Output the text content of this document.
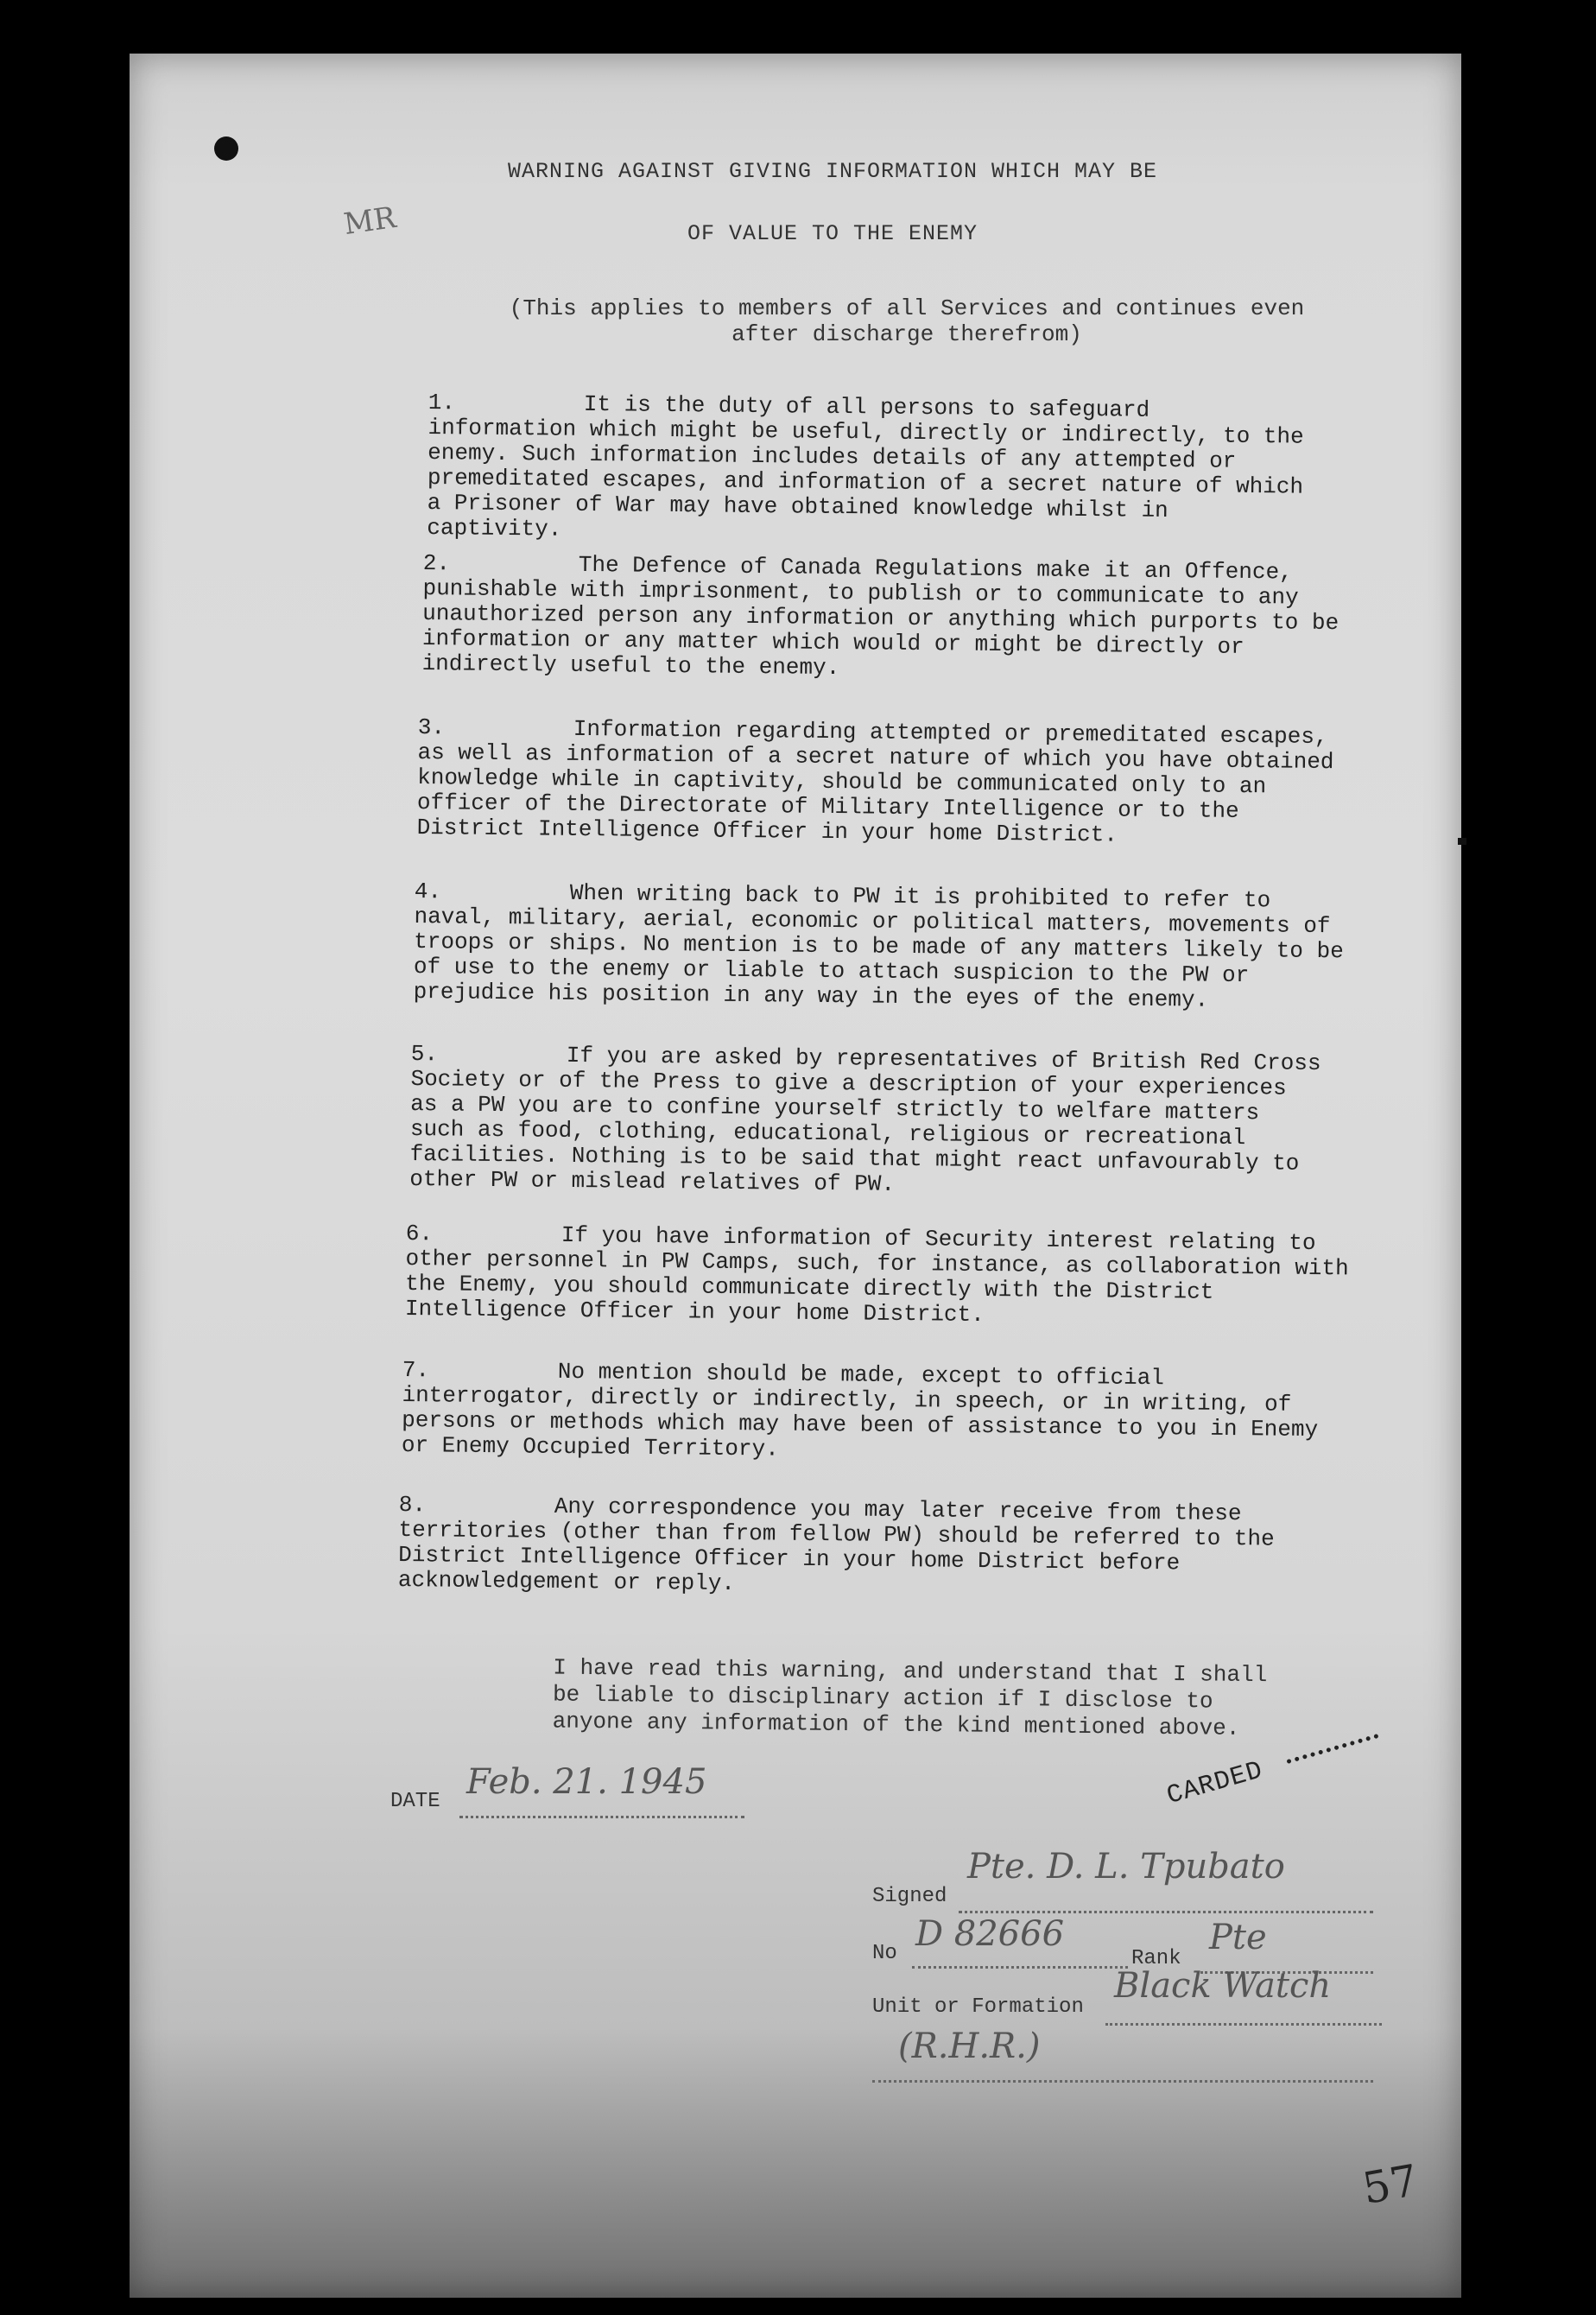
MR
WARNING AGAINST GIVING INFORMATION WHICH MAY BE
OF VALUE TO THE ENEMY
(This applies to members of all Services and continues even
after discharge therefrom)
1.	It is the duty of all persons to safeguard information which might be useful, directly or indirectly, to the enemy. Such information includes details of any attempted or premeditated escapes, and information of a secret nature of which a Prisoner of War may have obtained knowledge whilst in captivity.
2.	The Defence of Canada Regulations make it an Offence, punishable with imprisonment, to publish or to communicate to any unauthorized person any information or anything which purports to be information or any matter which would or might be directly or indirectly useful to the enemy.
3.	Information regarding attempted or premeditated escapes, as well as information of a secret nature of which you have obtained knowledge while in captivity, should be communicated only to an officer of the Directorate of Military Intelligence or to the District Intelligence Officer in your home District.
4.	When writing back to PW it is prohibited to refer to naval, military, aerial, economic or political matters, movements of troops or ships. No mention is to be made of any matters likely to be of use to the enemy or liable to attach suspicion to the PW or prejudice his position in any way in the eyes of the enemy.
5.	If you are asked by representatives of British Red Cross Society or of the Press to give a description of your experiences as a PW you are to confine yourself strictly to welfare matters such as food, clothing, educational, religious or recreational facilities. Nothing is to be said that might react unfavourably to other PW or mislead relatives of PW.
6.	If you have information of Security interest relating to other personnel in PW Camps, such, for instance, as collaboration with the Enemy, you should communicate directly with the District Intelligence Officer in your home District.
7.	No mention should be made, except to official interrogator, directly or indirectly, in speech, or in writing, of persons or methods which may have been of assistance to you in Enemy or Enemy Occupied Territory.
8.	Any correspondence you may later receive from these territories (other than from fellow PW) should be referred to the District Intelligence Officer in your home District before acknowledgement or reply.
I have read this warning, and understand that I shall be liable to disciplinary action if I disclose to anyone any information of the kind mentioned above.
CARDED
DATE Feb. 21. 1945
Signed
Pte. D. L. Tpubato
No D 82666
Rank
Pte
Unit or Formation
Black Watch
(R.H.R.)
57
